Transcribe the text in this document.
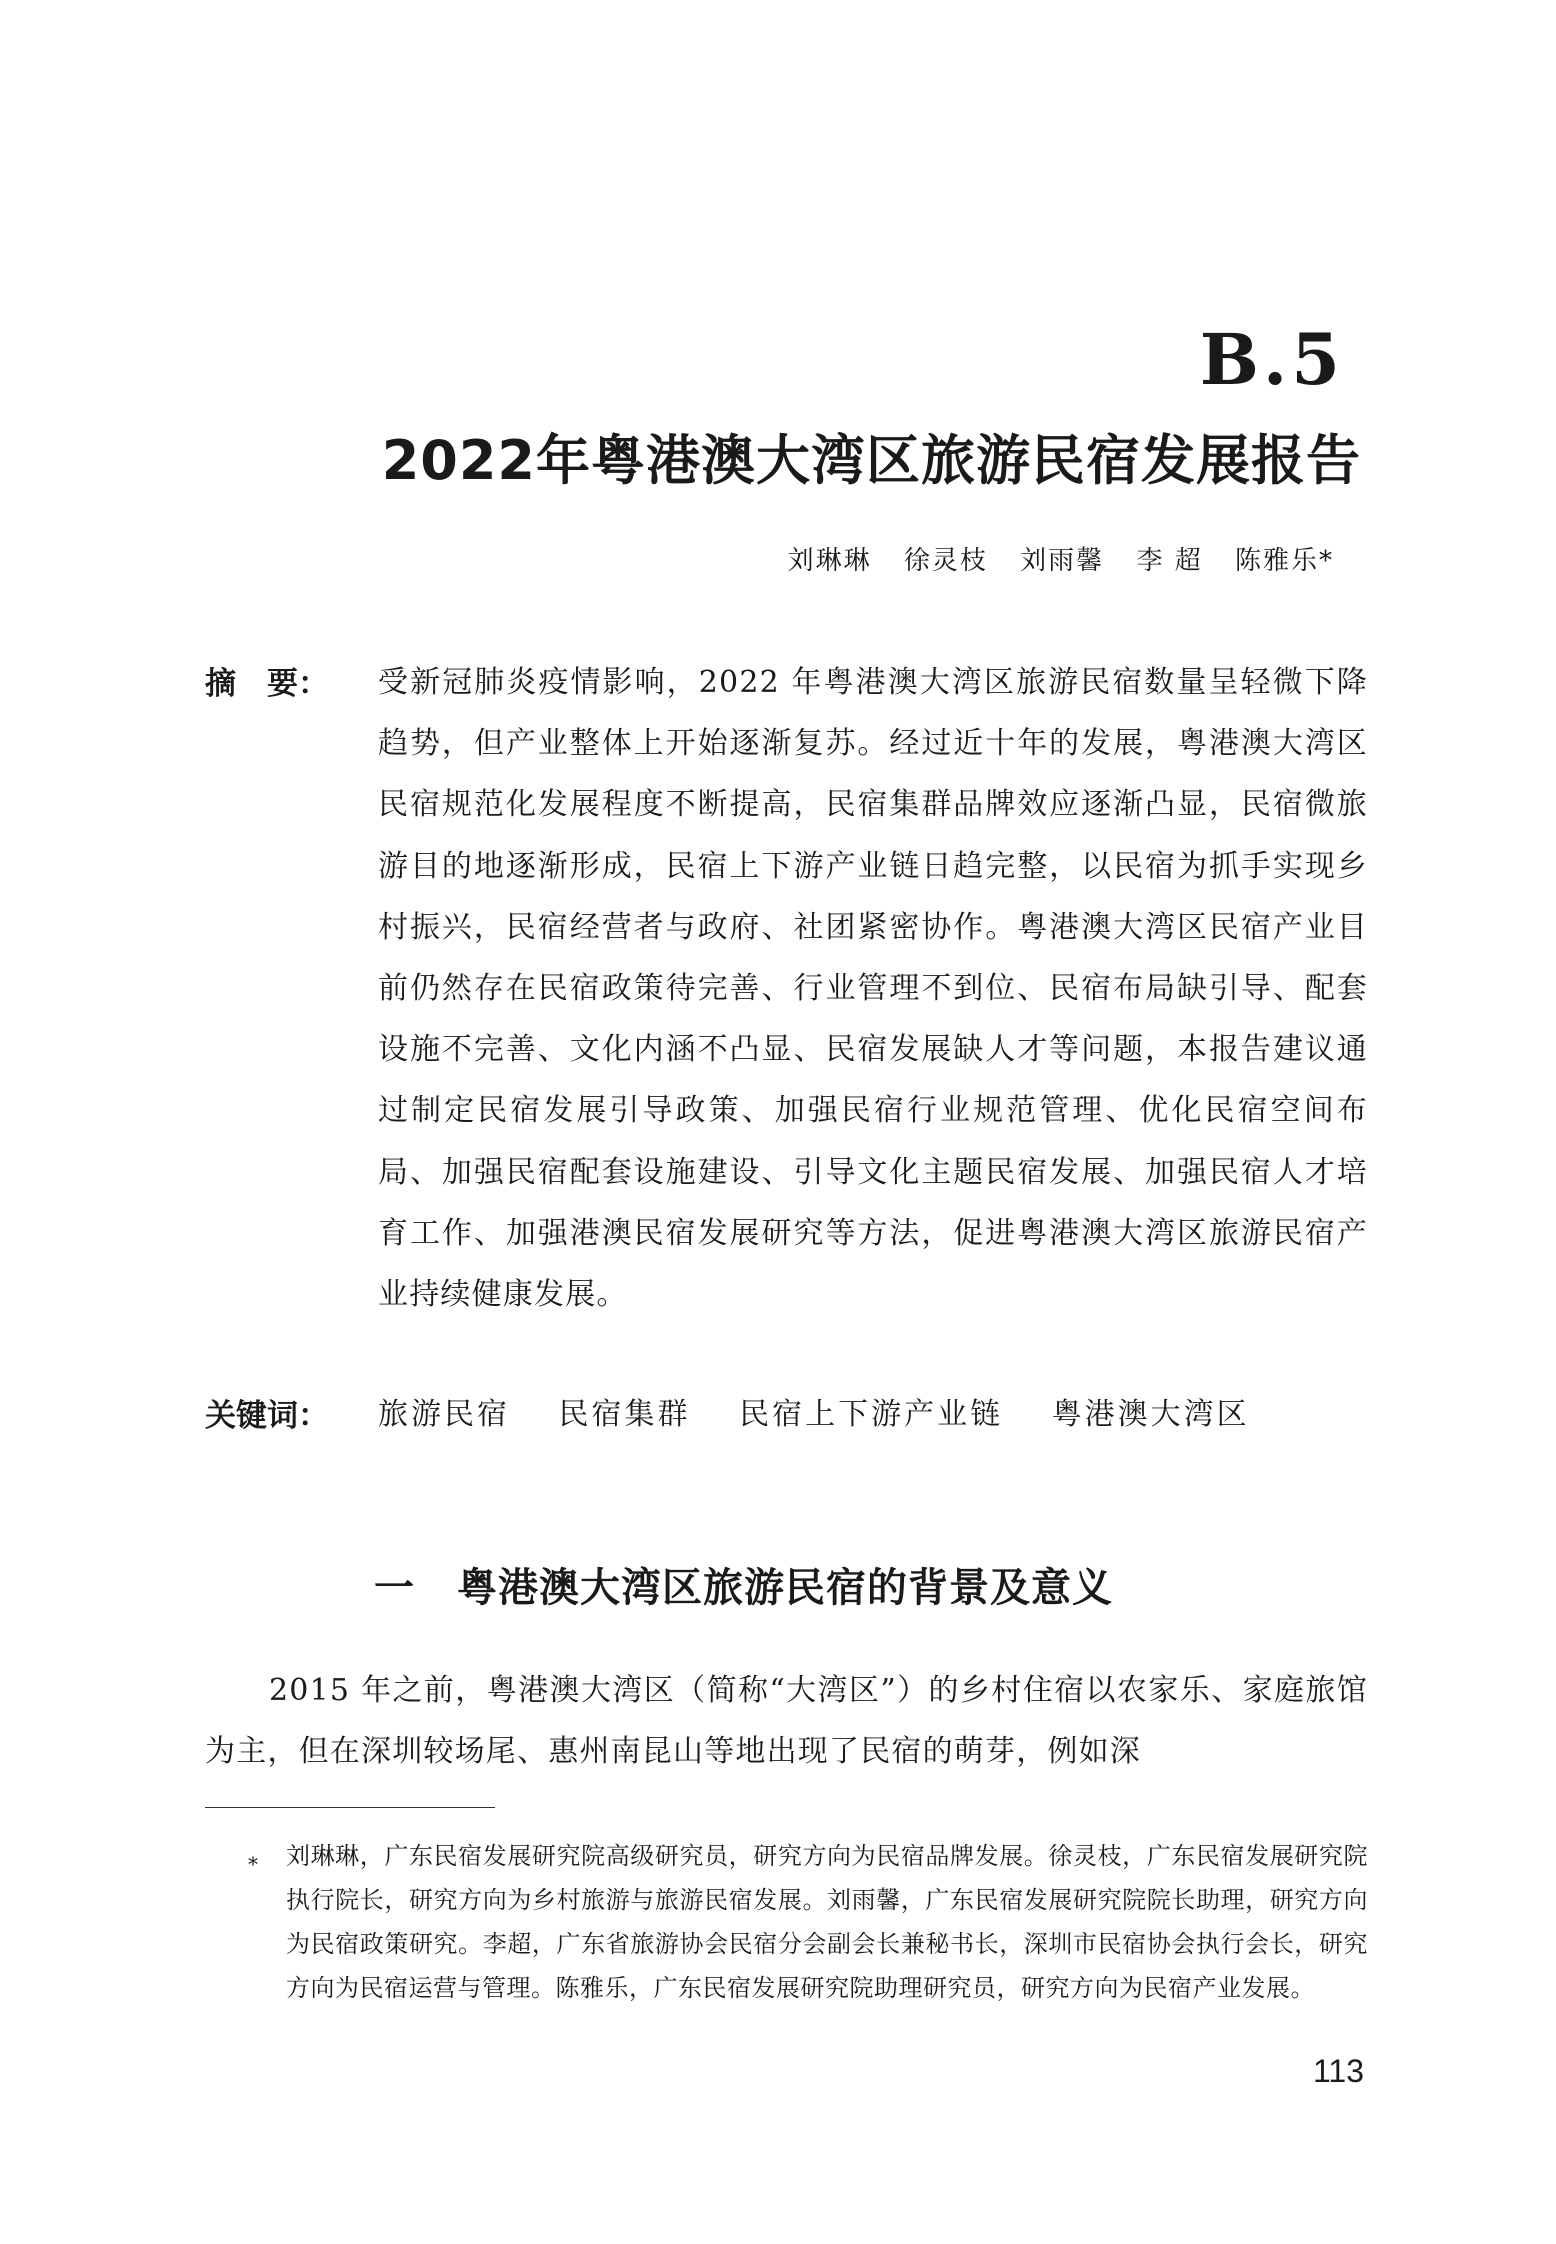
B.5
2022年粤港澳大湾区旅游民宿发展报告
刘琳琳 徐灵枝 刘雨馨 李 超 陈雅乐*
摘　要： 受新冠肺炎疫情影响，2022 年粤港澳大湾区旅游民宿数量呈轻微下降趋势，但产业整体上开始逐渐复苏。经过近十年的发展，粤港澳大湾区民宿规范化发展程度不断提高，民宿集群品牌效应逐渐凸显，民宿微旅游目的地逐渐形成，民宿上下游产业链日趋完整，以民宿为抓手实现乡村振兴，民宿经营者与政府、社团紧密协作。粤港澳大湾区民宿产业目前仍然存在民宿政策待完善、行业管理不到位、民宿布局缺引导、配套设施不完善、文化内涵不凸显、民宿发展缺人才等问题，本报告建议通过制定民宿发展引导政策、加强民宿行业规范管理、优化民宿空间布局、加强民宿配套设施建设、引导文化主题民宿发展、加强民宿人才培育工作、加强港澳民宿发展研究等方法，促进粤港澳大湾区旅游民宿产业持续健康发展。
关键词： 旅游民宿 民宿集群 民宿上下游产业链 粤港澳大湾区
一 粤港澳大湾区旅游民宿的背景及意义
2015 年之前，粤港澳大湾区（简称“大湾区”）的乡村住宿以农家乐、家庭旅馆为主，但在深圳较场尾、惠州南昆山等地出现了民宿的萌芽，例如深
* 刘琳琳，广东民宿发展研究院高级研究员，研究方向为民宿品牌发展。徐灵枝，广东民宿发展研究院执行院长，研究方向为乡村旅游与旅游民宿发展。刘雨馨，广东民宿发展研究院院长助理，研究方向为民宿政策研究。李超，广东省旅游协会民宿分会副会长兼秘书长，深圳市民宿协会执行会长，研究方向为民宿运营与管理。陈雅乐，广东民宿发展研究院助理研究员，研究方向为民宿产业发展。
113
